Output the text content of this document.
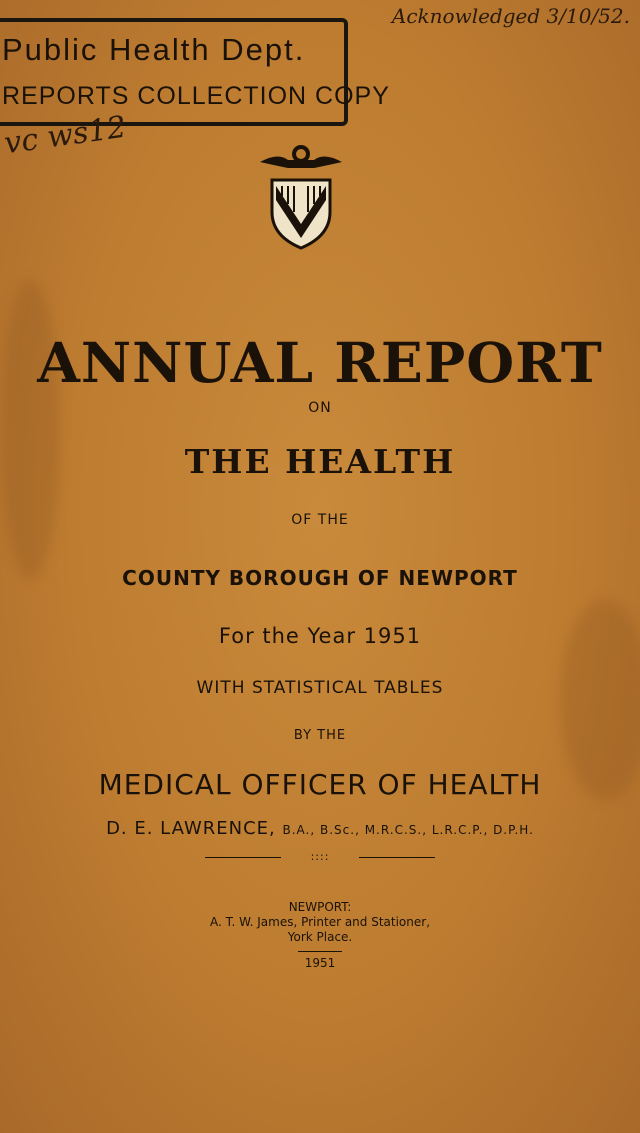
Public Health Dept.
REPORTS COLLECTION COPY
Acknowledged 3/10/52.
vc ws12
ANNUAL REPORT
ON
THE HEALTH
OF THE
COUNTY BOROUGH OF NEWPORT
For the Year 1951
WITH STATISTICAL TABLES
BY THE
MEDICAL OFFICER OF HEALTH
D. E. LAWRENCE, B.A., B.Sc., M.R.C.S., L.R.C.P., D.P.H.
::::
NEWPORT:
A. T. W. James, Printer and Stationer,
York Place.
1951
